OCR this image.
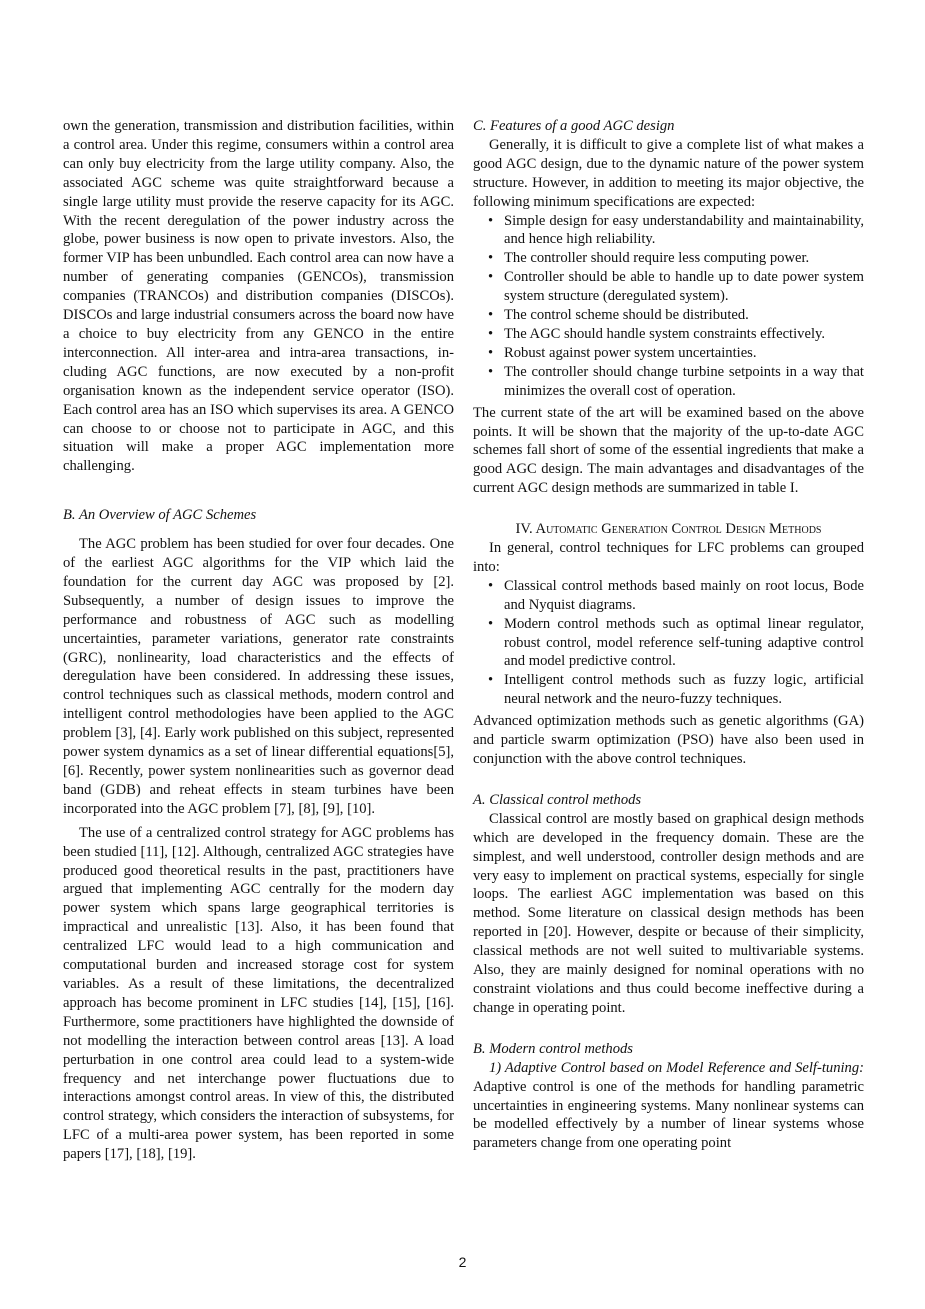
own the generation, transmission and distribution facilities, within a control area. Under this regime, consumers within a control area can only buy electricity from the large utility company. Also, the associated AGC scheme was quite straightforward because a single large utility must provide the reserve capacity for its AGC. With the recent deregulation of the power industry across the globe, power business is now open to private investors. Also, the former VIP has been unbundled. Each control area can now have a number of generating companies (GENCOs), transmission companies (TRANCOs) and distribution companies (DISCOs). DISCOs and large industrial consumers across the board now have a choice to buy electricity from any GENCO in the entire interconnection. All inter-area and intra-area transactions, including AGC functions, are now executed by a non-profit organisation known as the independent service operator (ISO). Each control area has an ISO which supervises its area. A GENCO can choose to or choose not to participate in AGC, and this situation will make a proper AGC implementation more challenging.

B. An Overview of AGC Schemes

The AGC problem has been studied for over four decades. One of the earliest AGC algorithms for the VIP which laid the foundation for the current day AGC was proposed by [2]. Subsequently, a number of design issues to improve the performance and robustness of AGC such as modelling uncertainties, parameter variations, generator rate constraints (GRC), nonlinearity, load characteristics and the effects of deregulation have been considered. In addressing these issues, control techniques such as classical methods, modern control and intelligent control methodologies have been applied to the AGC problem [3], [4]. Early work published on this subject, represented power system dynamics as a set of linear differential equations[5], [6]. Recently, power system nonlinearities such as governor dead band (GDB) and reheat effects in steam turbines have been incorporated into the AGC problem [7], [8], [9], [10].

The use of a centralized control strategy for AGC problems has been studied [11], [12]. Although, centralized AGC strategies have produced good theoretical results in the past, practitioners have argued that implementing AGC centrally for the modern day power system which spans large geographical territories is impractical and unrealistic [13]. Also, it has been found that centralized LFC would lead to a high communication and computational burden and increased storage cost for system variables. As a result of these limitations, the decentralized approach has become prominent in LFC studies [14], [15], [16]. Furthermore, some practitioners have highlighted the downside of not modelling the interaction between control areas [13]. A load perturbation in one control area could lead to a system-wide frequency and net interchange power fluctuations due to interactions amongst control areas. In view of this, the distributed control strategy, which considers the interaction of subsystems, for LFC of a multi-area power system, has been reported in some papers [17], [18], [19].

C. Features of a good AGC design

Generally, it is difficult to give a complete list of what makes a good AGC design, due to the dynamic nature of the power system structure. However, in addition to meeting its major objective, the following minimum specifications are expected:

• Simple design for easy understandability and maintainability, and hence high reliability.
• The controller should require less computing power.
• Controller should be able to handle up to date power system system structure (deregulated system).
• The control scheme should be distributed.
• The AGC should handle system constraints effectively.
• Robust against power system uncertainties.
• The controller should change turbine setpoints in a way that minimizes the overall cost of operation.

The current state of the art will be examined based on the above points. It will be shown that the majority of the up-to-date AGC schemes fall short of some of the essential ingredients that make a good AGC design. The main advantages and disadvantages of the current AGC design methods are summarized in table I.

IV. Automatic Generation Control Design Methods

In general, control techniques for LFC problems can grouped into:

• Classical control methods based mainly on root locus, Bode and Nyquist diagrams.
• Modern control methods such as optimal linear regulator, robust control, model reference self-tuning adaptive control and model predictive control.
• Intelligent control methods such as fuzzy logic, artificial neural network and the neuro-fuzzy techniques.

Advanced optimization methods such as genetic algorithms (GA) and particle swarm optimization (PSO) have also been used in conjunction with the above control techniques.

A. Classical control methods

Classical control are mostly based on graphical design methods which are developed in the frequency domain. These are the simplest, and well understood, controller design methods and are very easy to implement on practical systems, especially for single loops. The earliest AGC implementation was based on this method. Some literature on classical design methods has been reported in [20]. However, despite or because of their simplicity, classical methods are not well suited to multivariable systems. Also, they are mainly designed for nominal operations with no constraint violations and thus could become ineffective during a change in operating point.

B. Modern control methods

1) Adaptive Control based on Model Reference and Self-tuning: Adaptive control is one of the methods for handling parametric uncertainties in engineering systems. Many nonlinear systems can be modelled effectively by a number of linear systems whose parameters change from one operating point

2
